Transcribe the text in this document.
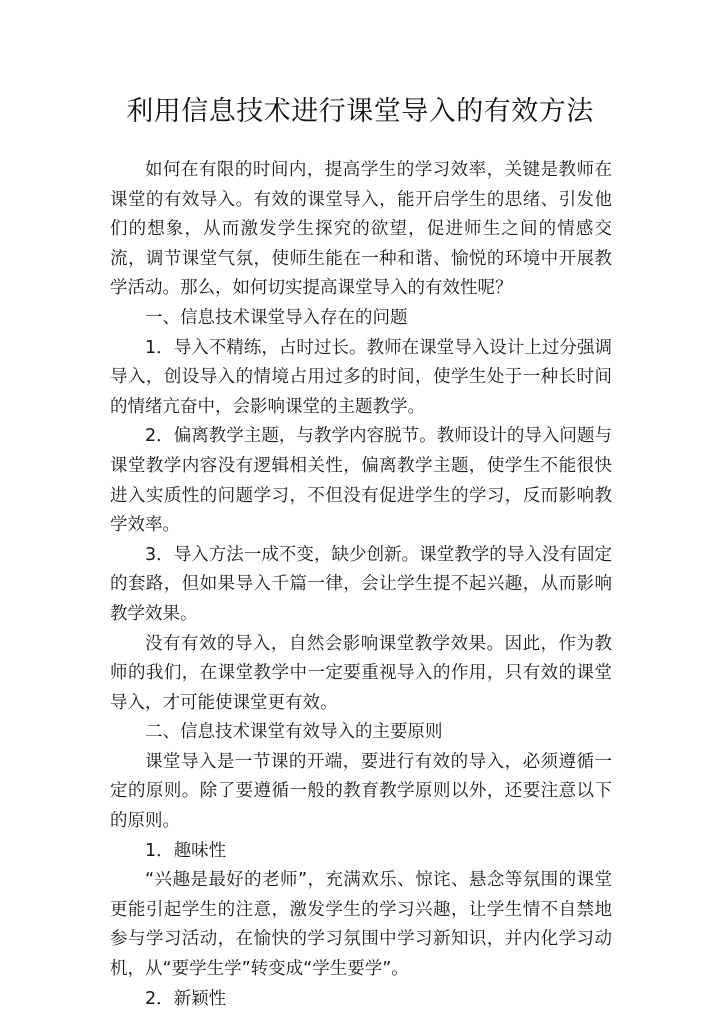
利用信息技术进行课堂导入的有效方法

如何在有限的时间内，提高学生的学习效率，关键是教师在课堂的有效导入。有效的课堂导入，能开启学生的思绪、引发他们的想象，从而激发学生探究的欲望，促进师生之间的情感交流，调节课堂气氛，使师生能在一种和谐、愉悦的环境中开展教学活动。那么，如何切实提高课堂导入的有效性呢？

一、信息技术课堂导入存在的问题

1．导入不精练，占时过长。教师在课堂导入设计上过分强调导入，创设导入的情境占用过多的时间，使学生处于一种长时间的情绪亢奋中，会影响课堂的主题教学。

2．偏离教学主题，与教学内容脱节。教师设计的导入问题与课堂教学内容没有逻辑相关性，偏离教学主题，使学生不能很快进入实质性的问题学习，不但没有促进学生的学习，反而影响教学效率。

3．导入方法一成不变，缺少创新。课堂教学的导入没有固定的套路，但如果导入千篇一律，会让学生提不起兴趣，从而影响教学效果。

没有有效的导入，自然会影响课堂教学效果。因此，作为教师的我们，在课堂教学中一定要重视导入的作用，只有效的课堂导入，才可能使课堂更有效。

二、信息技术课堂有效导入的主要原则

课堂导入是一节课的开端，要进行有效的导入，必须遵循一定的原则。除了要遵循一般的教育教学原则以外，还要注意以下的原则。

1．趣味性

“兴趣是最好的老师”，充满欢乐、惊诧、悬念等氛围的课堂更能引起学生的注意，激发学生的学习兴趣，让学生情不自禁地参与学习活动，在愉快的学习氛围中学习新知识，并内化学习动机，从“要学生学”转变成“学生要学”。

2．新颖性
